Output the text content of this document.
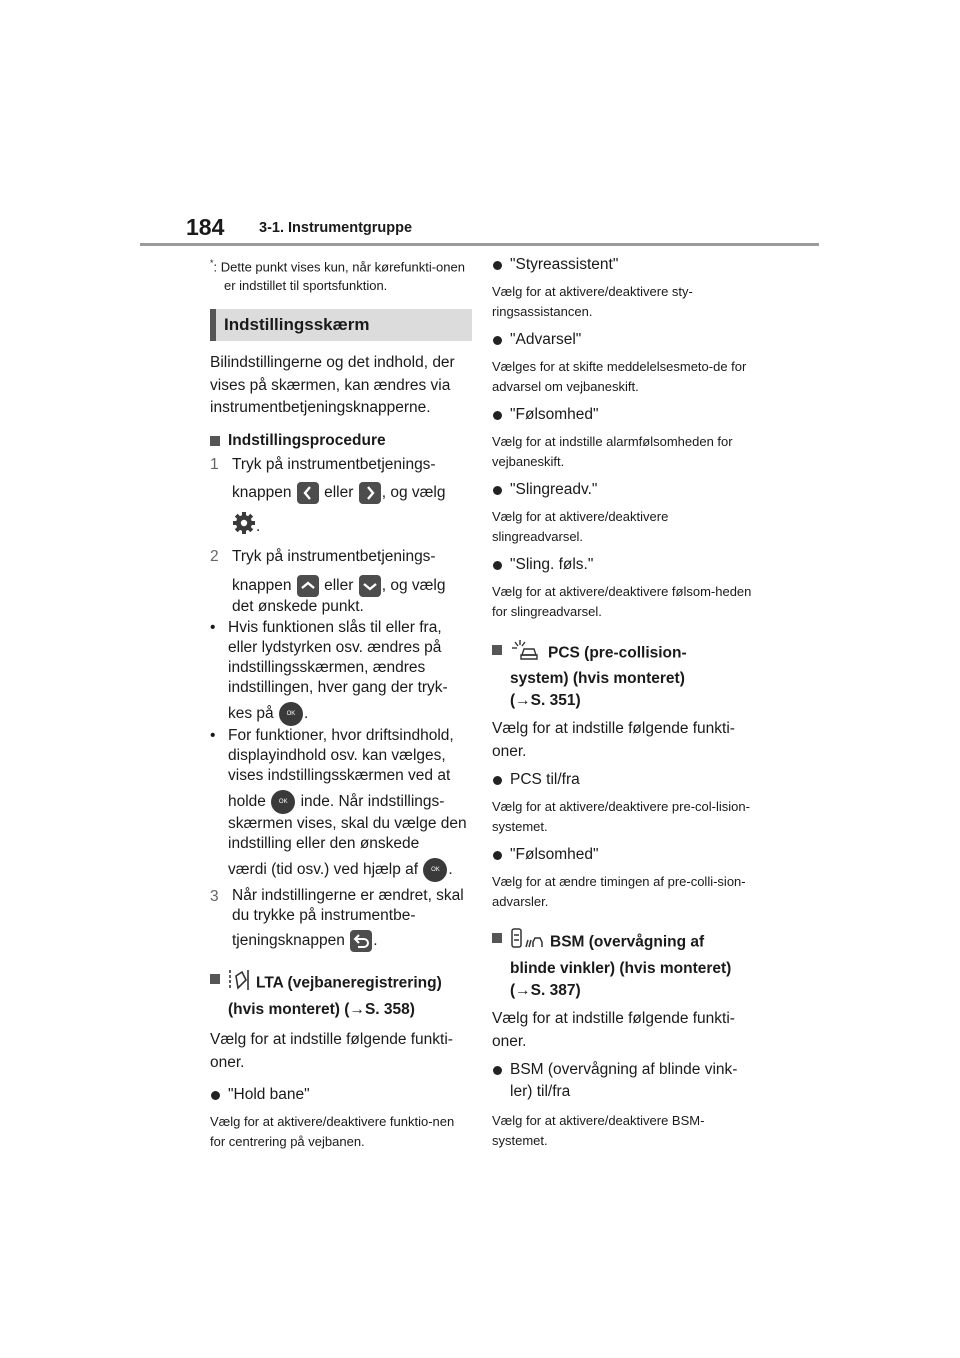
184 3-1. Instrumentgruppe
*: Dette punkt vises kun, når kørefunkti-onen er indstillet til sportsfunktion.
Indstillingsskærm

Bilindstillingerne og det indhold, der vises på skærmen, kan ændres via instrumentbetjeningsknapperne.

Indstillingsprocedure
1 Tryk på instrumentbetjenings-
knappen eller , og vælg
.
2 Tryk på instrumentbetjenings-
knappen eller , og vælg
det ønskede punkt.
• Hvis funktionen slås til eller fra, eller lydstyrken osv. ændres på indstillingsskærmen, ændres indstillingen, hver gang der tryk-
kes på OK .
• For funktioner, hvor driftsindhold, displayindhold osv. kan vælges, vises indstillingsskærmen ved at
holde OK inde. Når indstillings-
skærmen vises, skal du vælge den indstilling eller den ønskede
værdi (tid osv.) ved hjælp af OK .
3 Når indstillingerne er ændret, skal du trykke på instrumentbe-
tjeningsknappen .
LTA (vejbaneregistrering) (hvis monteret) (→S. 358)

Vælg for at indstille følgende funkti-oner.

"Hold bane"
Vælg for at aktivere/deaktivere funktio-nen for centrering på vejbanen.
"Styreassistent"
Vælg for at aktivere/deaktivere sty-ringsassistancen.
"Advarsel"
Vælges for at skifte meddelelsesmeto-de for advarsel om vejbaneskift.
"Følsomhed"
Vælg for at indstille alarmfølsomheden for vejbaneskift.
"Slingreadv."
Vælg for at aktivere/deaktivere slingreadvarsel.
"Sling. føls."
Vælg for at aktivere/deaktivere følsom-heden for slingreadvarsel.
PCS (pre-collision-
system) (hvis monteret)
(→S. 351)

Vælg for at indstille følgende funkti-oner.

PCS til/fra
Vælg for at aktivere/deaktivere pre-col-lision-systemet.
"Følsomhed"
Vælg for at ændre timingen af pre-colli-sion-advarsler.
BSM (overvågning af
blinde vinkler) (hvis monteret)
(→S. 387)

Vælg for at indstille følgende funkti-oner.

BSM (overvågning af blinde vink-ler) til/fra
Vælg for at aktivere/deaktivere BSM-systemet.
